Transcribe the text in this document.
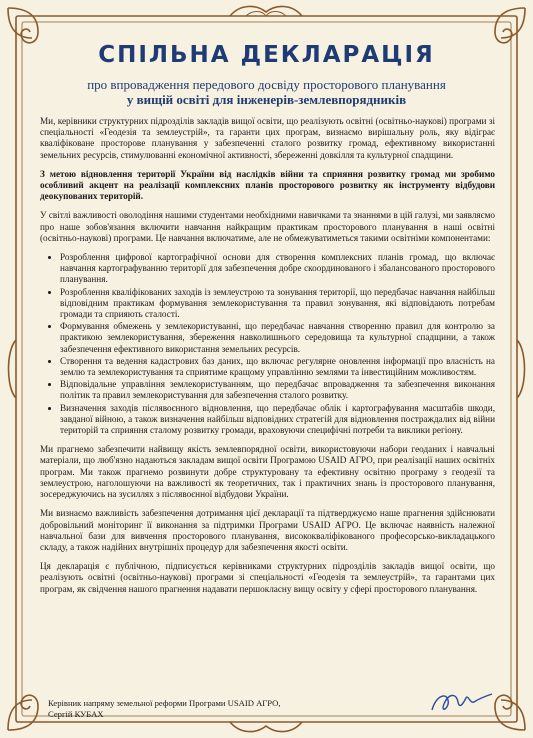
СПІЛЬНА ДЕКЛАРАЦІЯ
про впровадження передового досвіду просторового планування
у вищій освіті для інженерів-землевпорядників

Ми, керівники структурних підрозділів закладів вищої освіти, що реалізують освітні (освітньо-наукові) програми зі спеціальності «Геодезія та землеустрій», та гаранти цих програм, визнаємо вирішальну роль, яку відіграє кваліфіковане просторове планування у забезпеченні сталого розвитку громад, ефективному використанні земельних ресурсів, стимулюванні економічної активності, збереженні довкілля та культурної спадщини.

З метою відновлення території України від наслідків війни та сприяння розвитку громад ми зробимо особливий акцент на реалізації комплексних планів просторового розвитку як інструменту відбудови деокупованих територій.

У світлі важливості оволодіння нашими студентами необхідними навичками та знаннями в цій галузі, ми заявляємо про наше зобов'язання включити навчання найкращим практикам просторового планування в наші освітні (освітньо-наукові) програми. Це навчання включатиме, але не обмежуватиметься такими освітніми компонентами:

• Розроблення цифрової картографічної основи для створення комплексних планів громад, що включає навчання картографуванню території для забезпечення добре скоординованого і збалансованого просторового планування.
• Розроблення кваліфікованих заходів із землеустрою та зонування території, що передбачає навчання найбільш відповідним практикам формування землекористування та правил зонування, які відповідають потребам громади та сприяють сталості.
• Формування обмежень у землекористуванні, що передбачає навчання створенню правил для контролю за практикою землекористування, збереження навколишнього середовища та культурної спадщини, а також забезпечення ефективного використання земельних ресурсів.
• Створення та ведення кадастрових баз даних, що включає регулярне оновлення інформації про власність на землю та землекористування та сприятиме кращому управлінню землями та інвестиційним можливостям.
• Відповідальне управління землекористуванням, що передбачає впровадження та забезпечення виконання політик та правил землекористування для забезпечення сталого розвитку.
• Визначення заходів післявоєнного відновлення, що передбачає облік і картографування масштабів шкоди, завданої війною, а також визначення найбільш відповідних стратегій для відновлення постраждалих від війни територій та сприяння сталому розвитку громади, враховуючи специфічні потреби та виклики регіону.

Ми прагнемо забезпечити найвищу якість землевпорядної освіти, використовуючи набори геоданих і навчальні матеріали, що люб'язно надаються закладам вищої освіти Програмою USAID АГРО, при реалізації наших освітніх програм. Ми також прагнемо розвинути добре структуровану та ефективну освітню програму з геодезії та землеустрою, наголошуючи на важливості як теоретичних, так і практичних знань із просторового планування, зосереджуючись на зусиллях з післявоєнної відбудови України.

Ми визнаємо важливість забезпечення дотримання цієї декларації та підтверджуємо наше прагнення здійснювати добровільний моніторинг її виконання за підтримки Програми USAID АГРО. Це включає наявність належної навчальної бази для вивчення просторового планування, висококваліфікованого професорсько-викладацького складу, а також надійних внутрішніх процедур для забезпечення якості освіти.

Ця декларація є публічною, підписується керівниками структурних підрозділів закладів вищої освіти, що реалізують освітні (освітньо-наукові) програми зі спеціальності «Геодезія та землеустрій», та гарантами цих програм, як свідчення нашого прагнення надавати першокласну вищу освіту у сфері просторового планування.

Керівник напряму земельної реформи Програми USAID АГРО,
Сергій КУБАХ
